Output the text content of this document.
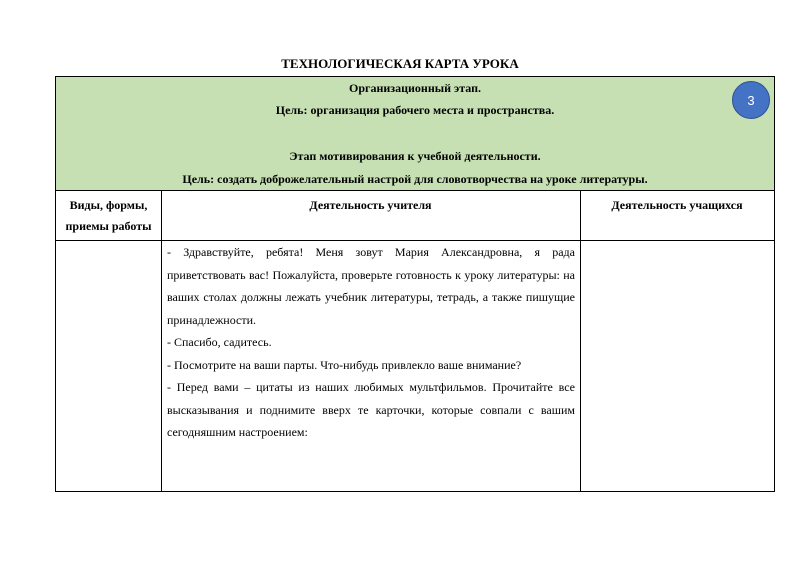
ТЕХНОЛОГИЧЕСКАЯ КАРТА УРОКА
Организационный этап.
Цель: организация рабочего места и пространства.
Этап мотивирования к учебной деятельности.
Цель: создать доброжелательный настрой для словотворчества на уроке литературы.
3
Виды, формы,
приемы работы
Деятельность учителя	Деятельность учащихся

- Здравствуйте, ребята! Меня зовут Мария Александровна, я рада приветствовать вас! Пожалуйста, проверьте готовность к уроку литературы: на ваших столах должны лежать учебник литературы, тетрадь, а также пишущие принадлежности.

- Спасибо, садитесь.

- Посмотрите на ваши парты. Что-нибудь привлекло ваше внимание?

- Перед вами – цитаты из наших любимых мультфильмов. Прочитайте все высказывания и поднимите вверх те карточки, которые совпали с вашим сегодняшним настроением:
